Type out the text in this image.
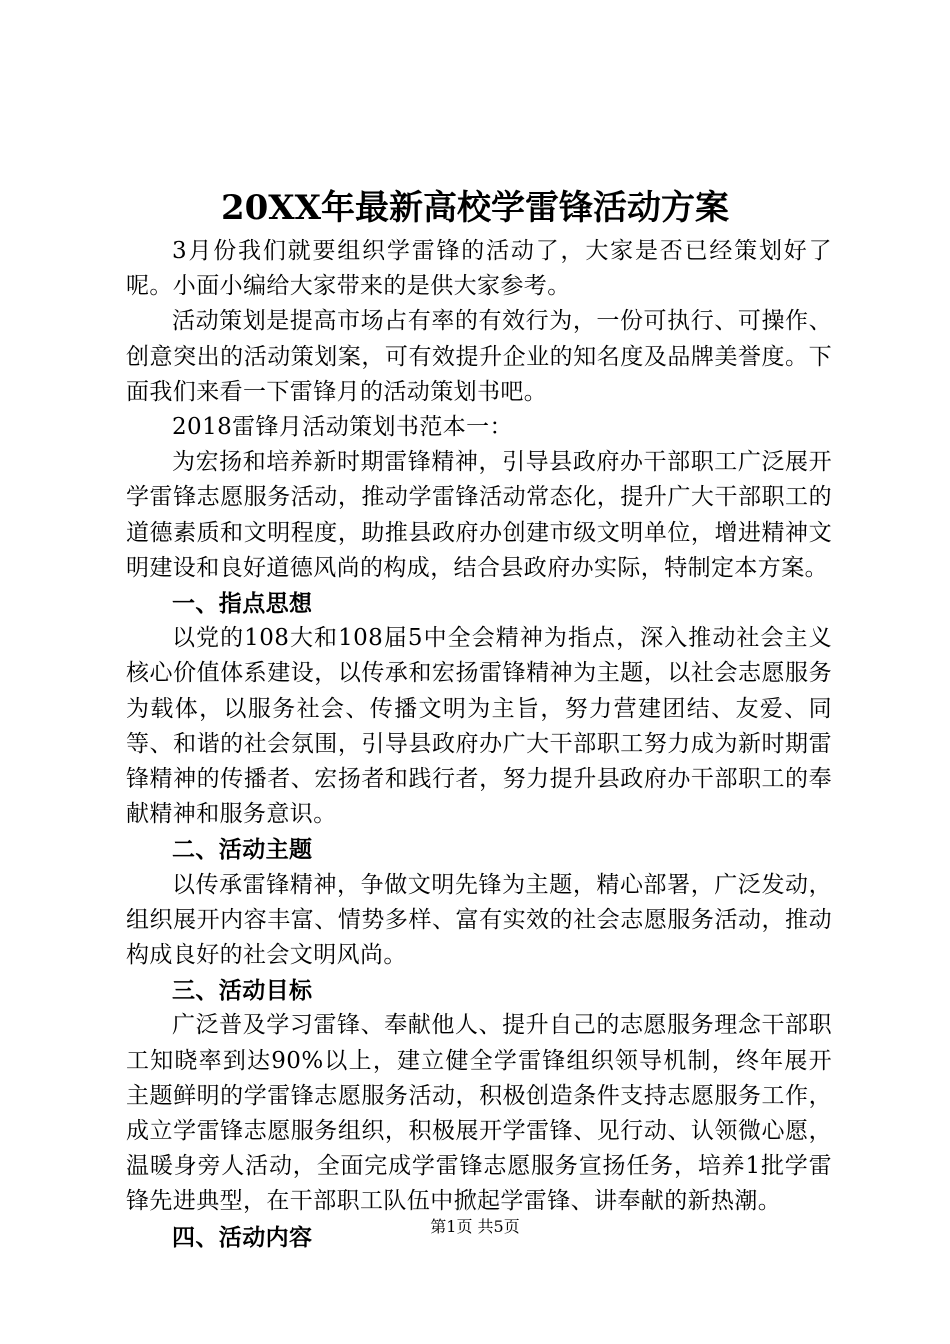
20XX年最新高校学雷锋活动方案

3月份我们就要组织学雷锋的活动了，大家是否已经策划好了呢。小面小编给大家带来的是供大家参考。

活动策划是提高市场占有率的有效行为，一份可执行、可操作、创意突出的活动策划案，可有效提升企业的知名度及品牌美誉度。下面我们来看一下雷锋月的活动策划书吧。

2018雷锋月活动策划书范本一：

为宏扬和培养新时期雷锋精神，引导县政府办干部职工广泛展开学雷锋志愿服务活动，推动学雷锋活动常态化，提升广大干部职工的道德素质和文明程度，助推县政府办创建市级文明单位，增进精神文明建设和良好道德风尚的构成，结合县政府办实际，特制定本方案。

一、指点思想

以党的108大和108届5中全会精神为指点，深入推动社会主义核心价值体系建设，以传承和宏扬雷锋精神为主题，以社会志愿服务为载体，以服务社会、传播文明为主旨，努力营建团结、友爱、同等、和谐的社会氛围，引导县政府办广大干部职工努力成为新时期雷锋精神的传播者、宏扬者和践行者，努力提升县政府办干部职工的奉献精神和服务意识。

二、活动主题

以传承雷锋精神，争做文明先锋为主题，精心部署，广泛发动，组织展开内容丰富、情势多样、富有实效的社会志愿服务活动，推动构成良好的社会文明风尚。

三、活动目标

广泛普及学习雷锋、奉献他人、提升自己的志愿服务理念干部职工知晓率到达90%以上，建立健全学雷锋组织领导机制，终年展开主题鲜明的学雷锋志愿服务活动，积极创造条件支持志愿服务工作，成立学雷锋志愿服务组织，积极展开学雷锋、见行动、认领微心愿，温暖身旁人活动，全面完成学雷锋志愿服务宣扬任务，培养1批学雷锋先进典型，在干部职工队伍中掀起学雷锋、讲奉献的新热潮。

四、活动内容	第1页 共5页
